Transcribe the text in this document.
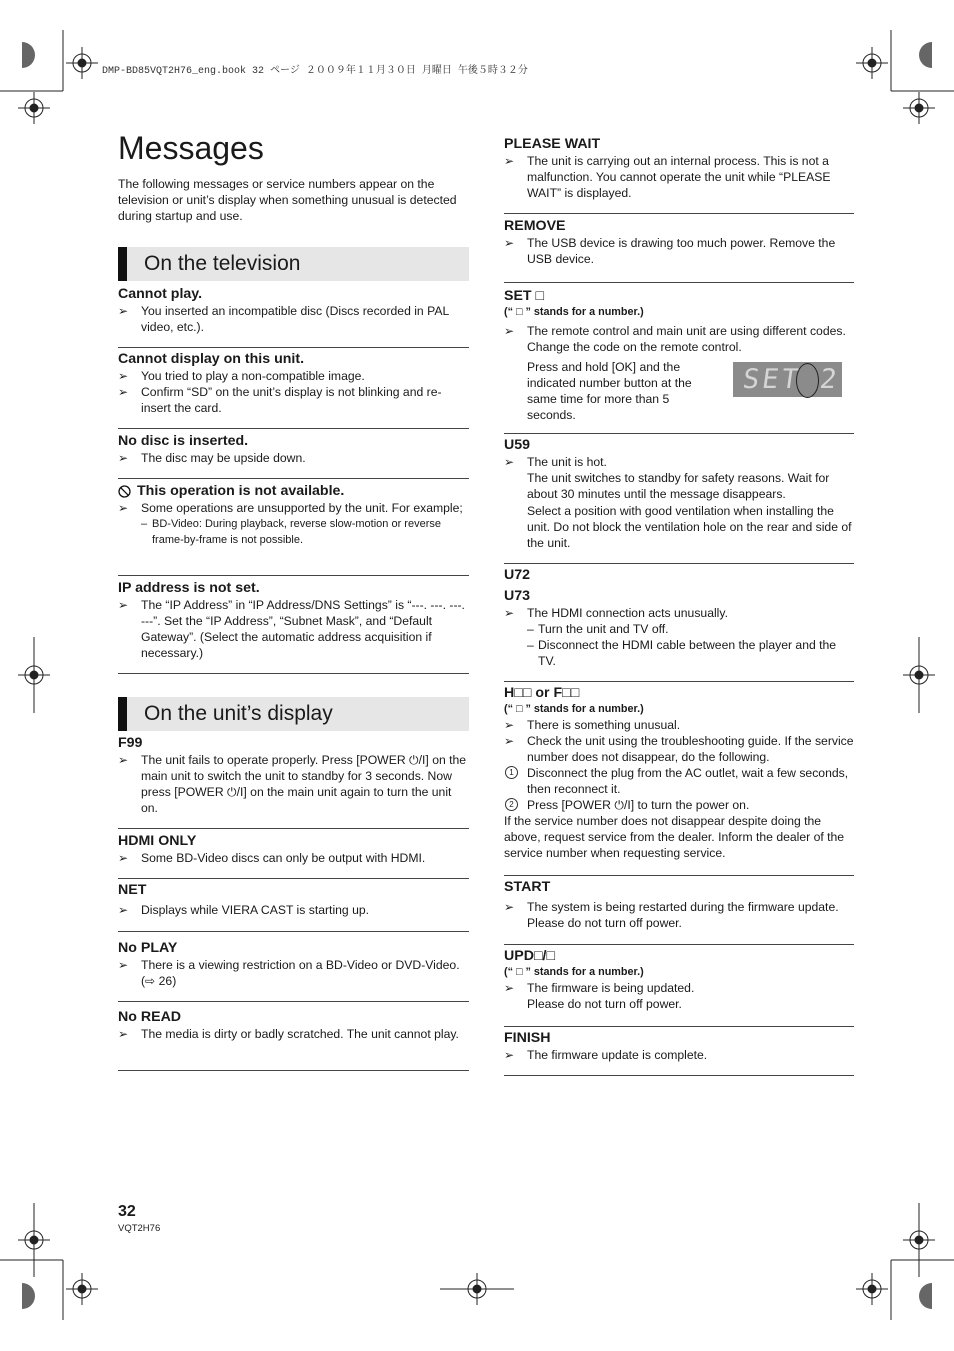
DMP-BD85VQT2H76_eng.book 32 ページ ２００９年１１月３０日 月曜日 午後５時３２分
Messages

The following messages or service numbers appear on the television or unit’s display when something unusual is detected during startup and use.

On the television

Cannot play.

➢ You inserted an incompatible disc (Discs recorded in PAL video, etc.).

Cannot display on this unit.

➢ You tried to play a non-compatible image.
➢ Confirm “SD” on the unit’s display is not blinking and re-insert the card.

No disc is inserted.

➢ The disc may be upside down.

This operation is not available.

➢ Some operations are unsupported by the unit. For example;
– BD-Video: During playback, reverse slow-motion or reverse frame-by-frame is not possible.

IP address is not set.

➢ The “IP Address” in “IP Address/DNS Settings” is “---. ---. ---. ---”. Set the “IP Address”, “Subnet Mask”, and “Default Gateway”. (Select the automatic address acquisition if necessary.)
On the unit’s display

F99

➢ The unit fails to operate properly. Press [POWER ⏻/I] on the main unit to switch the unit to standby for 3 seconds. Now press [POWER ⏻/I] on the main unit again to turn the unit on.

HDMI ONLY

➢ Some BD-Video discs can only be output with HDMI.

NET

➢ Displays while VIERA CAST is starting up.

No PLAY

➢ There is a viewing restriction on a BD-Video or DVD-Video. (⇨ 26)

No READ

➢ The media is dirty or badly scratched. The unit cannot play.

PLEASE WAIT

➢ The unit is carrying out an internal process. This is not a malfunction. You cannot operate the unit while “PLEASE WAIT” is displayed.

REMOVE

➢ The USB device is drawing too much power. Remove the USB device.

SET □

(“ □ ” stands for a number.)

➢ The remote control and main unit are using different codes. Change the code on the remote control.

Press and hold [OK] and the indicated number button at the same time for more than 5 seconds.

SET 2

U59

➢ The unit is hot.

The unit switches to standby for safety reasons. Wait for about 30 minutes until the message disappears.

Select a position with good ventilation when installing the unit. Do not block the ventilation hole on the rear and side of the unit.

U72

U73

➢ The HDMI connection acts unusually.
– Turn the unit and TV off.
– Disconnect the HDMI cable between the player and the TV.

H□□ or F□□

(“ □ ” stands for a number.)

➢ There is something unusual.
➢ Check the unit using the troubleshooting guide. If the service number does not disappear, do the following.
1	Disconnect the plug from the AC outlet, wait a few seconds, then reconnect it.
2	Press [POWER ⏻/I] to turn the power on.

If the service number does not disappear despite doing the above, request service from the dealer. Inform the dealer of the service number when requesting service.

START

➢ The system is being restarted during the firmware update. Please do not turn off power.

UPD□/□

(“ □ ” stands for a number.)

➢ The firmware is being updated.

Please do not turn off power.

FINISH

➢ The firmware update is complete.
32
VQT2H76
